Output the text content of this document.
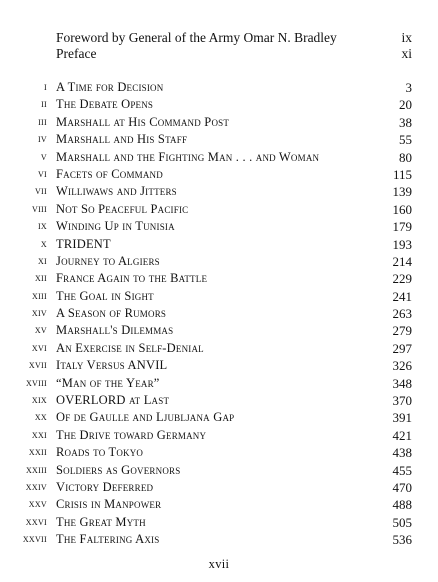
Foreword by General of the Army Omar N. Bradley	ix
Preface	xi
i A Time for Decision	3
ii The Debate Opens	20
iii Marshall at His Command Post	38
iv Marshall and His Staff	55
v Marshall and the Fighting Man . . . and Woman	80
vi Facets of Command	115
vii Williwaws and Jitters	139
viii Not So Peaceful Pacific	160
ix Winding Up in Tunisia	179
x TRIDENT	193
xi Journey to Algiers	214
xii France Again to the Battle	229
xiii The Goal in Sight	241
xiv A Season of Rumors	263
xv Marshall's Dilemmas	279
xvi An Exercise in Self-Denial	297
xvii Italy Versus ANVIL	326
xviii “Man of the Year”	348
xix OVERLORD at Last	370
xx Of de Gaulle and Ljubljana Gap	391
xxi The Drive toward Germany	421
xxii Roads to Tokyo	438
xxiii Soldiers as Governors	455
xxiv Victory Deferred	470
xxv Crisis in Manpower	488
xxvi The Great Myth	505
xxvii The Faltering Axis	536
xvii
